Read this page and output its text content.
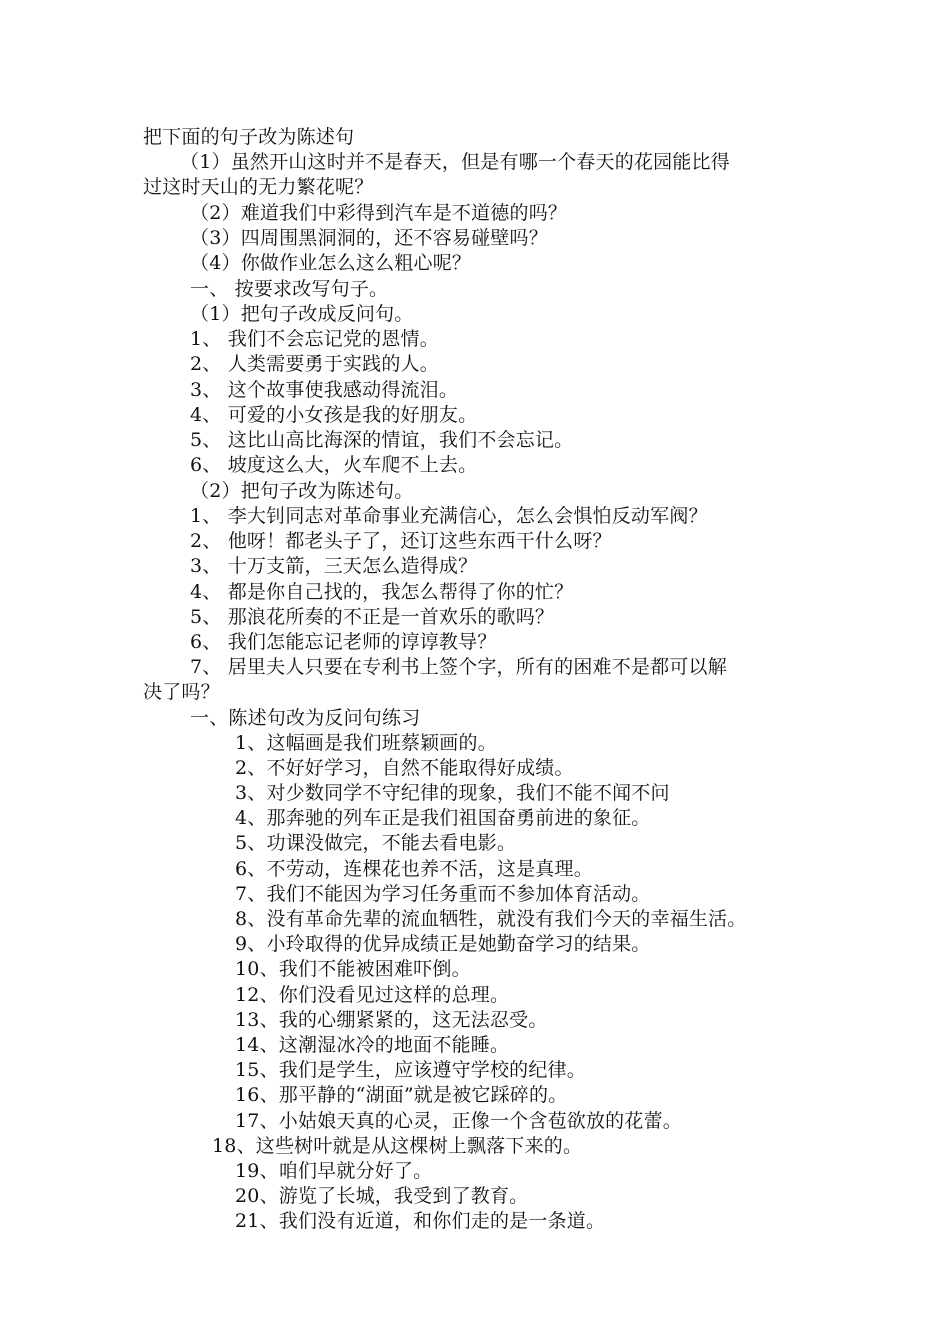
把下面的句子改为陈述句
（1）虽然开山这时并不是春天，但是有哪一个春天的花园能比得
过这时天山的无力繁花呢？
（2）难道我们中彩得到汽车是不道德的吗？
（3）四周围黑洞洞的，还不容易碰壁吗？
（4）你做作业怎么这么粗心呢？
一、 按要求改写句子。
（1）把句子改成反问句。
1、 我们不会忘记党的恩情。
2、 人类需要勇于实践的人。
3、 这个故事使我感动得流泪。
4、 可爱的小女孩是我的好朋友。
5、 这比山高比海深的情谊，我们不会忘记。
6、 坡度这么大，火车爬不上去。
（2）把句子改为陈述句。
1、 李大钊同志对革命事业充满信心，怎么会惧怕反动军阀？
2、 他呀！都老头子了，还订这些东西干什么呀？
3、 十万支箭，三天怎么造得成？
4、 都是你自己找的，我怎么帮得了你的忙？
5、 那浪花所奏的不正是一首欢乐的歌吗？
6、 我们怎能忘记老师的谆谆教导？
7、 居里夫人只要在专利书上签个字，所有的困难不是都可以解
决了吗？
一、陈述句改为反问句练习
1、这幅画是我们班蔡颖画的。
2、不好好学习，自然不能取得好成绩。
3、对少数同学不守纪律的现象，我们不能不闻不问
4、那奔驰的列车正是我们祖国奋勇前进的象征。
5、功课没做完，不能去看电影。
6、不劳动，连棵花也养不活，这是真理。
7、我们不能因为学习任务重而不参加体育活动。
8、没有革命先辈的流血牺牲，就没有我们今天的幸福生活。
9、小玲取得的优异成绩正是她勤奋学习的结果。
10、我们不能被困难吓倒。
12、你们没看见过这样的总理。
13、我的心绷紧紧的，这无法忍受。
14、这潮湿冰冷的地面不能睡。
15、我们是学生，应该遵守学校的纪律。
16、那平静的“湖面”就是被它踩碎的。
17、小姑娘天真的心灵，正像一个含苞欲放的花蕾。
18、这些树叶就是从这棵树上飘落下来的。
19、咱们早就分好了。
20、游览了长城，我受到了教育。
21、我们没有近道，和你们走的是一条道。
